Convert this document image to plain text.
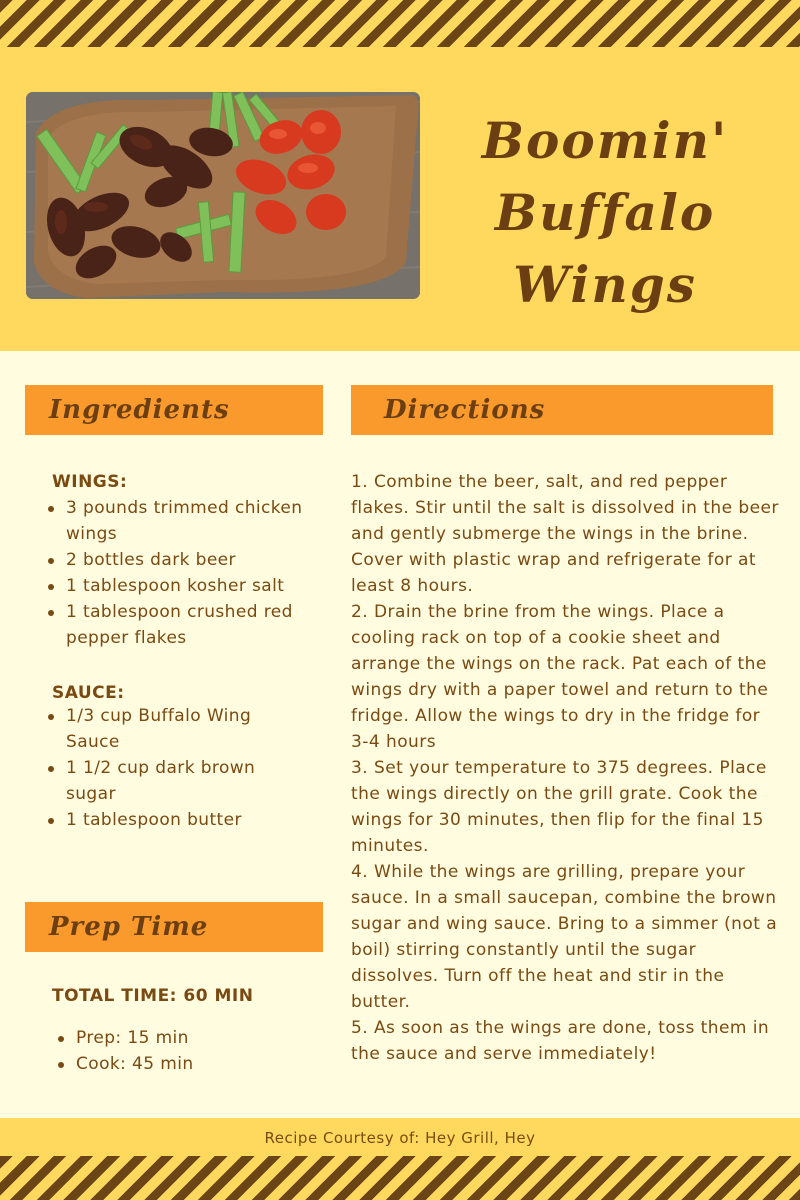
Boomin'
Buffalo
Wings
Ingredients
WINGS:
3 pounds trimmed chicken wings
2 bottles dark beer
1 tablespoon kosher salt
1 tablespoon crushed red pepper flakes
SAUCE:
1/3 cup Buffalo Wing Sauce
1 1/2 cup dark brown sugar
1 tablespoon butter
Directions

1. Combine the beer, salt, and red pepper flakes. Stir until the salt is dissolved in the beer and gently submerge the wings in the brine. Cover with plastic wrap and refrigerate for at least 8 hours.

2. Drain the brine from the wings. Place a cooling rack on top of a cookie sheet and arrange the wings on the rack. Pat each of the wings dry with a paper towel and return to the fridge. Allow the wings to dry in the fridge for 3-4 hours

3. Set your temperature to 375 degrees. Place the wings directly on the grill grate. Cook the wings for 30 minutes, then flip for the final 15 minutes.

4. While the wings are grilling, prepare your sauce. In a small saucepan, combine the brown sugar and wing sauce. Bring to a simmer (not a boil) stirring constantly until the sugar dissolves. Turn off the heat and stir in the butter.

5. As soon as the wings are done, toss them in the sauce and serve immediately!

Prep Time
TOTAL TIME: 60 MIN
Prep: 15 min
Cook: 45 min
Recipe Courtesy of: Hey Grill, Hey
